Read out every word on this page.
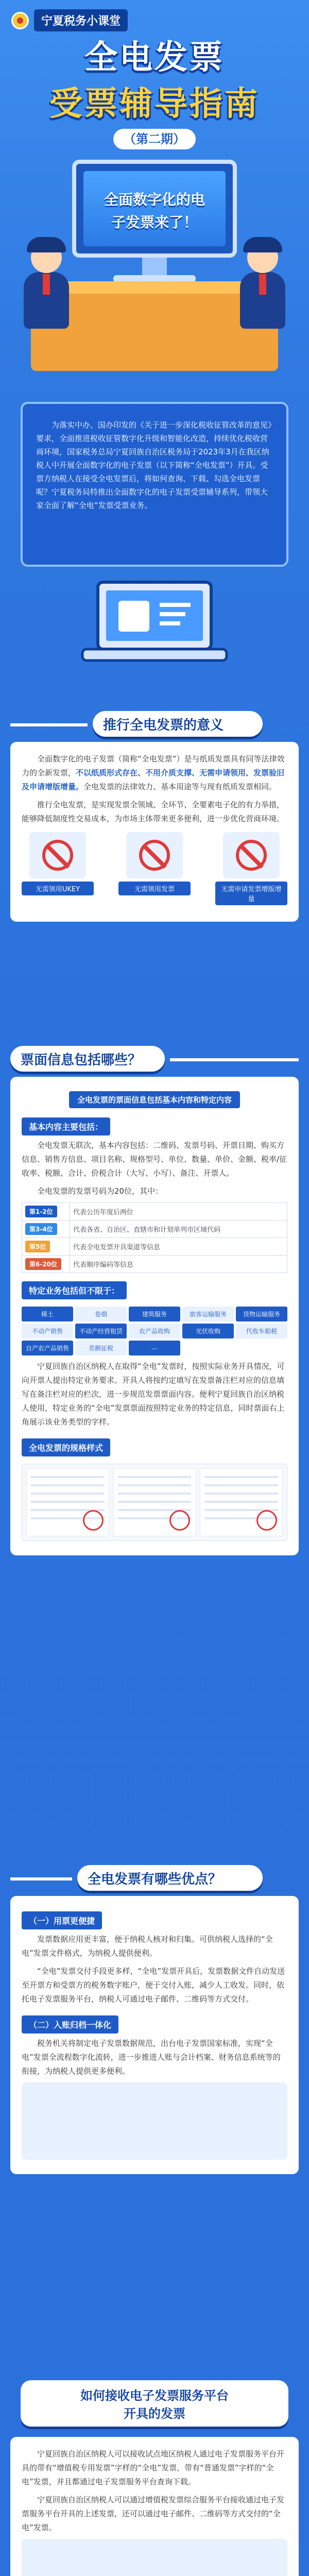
宁夏税务小课堂
全电发票
受票辅导指南
（第二期）
全面数字化的电
子发票来了！

为落实中办、国办印发的《关于进一步深化税收征管改革的意见》要求，全面推进税收征管数字化升级和智能化改造，持续优化税收营商环境，国家税务总局宁夏回族自治区税务局于2023年3月在我区纳税人中开展全面数字化的电子发票（以下简称“全电发票”）开具。受票方纳税人在接受全电发票后，将如何查询、下载、勾选全电发票呢？宁夏税务局特推出全面数字化的电子发票受票辅导系列，带领大家全面了解“全电”发票受票业务。

推行全电发票的意义

全面数字化的电子发票（简称“全电发票”）是与纸质发票具有同等法律效力的全新发票，不以纸质形式存在、不用介质支撑、无需申请领用、发票验旧及申请增版增量。全电发票的法律效力、基本用途等与现有纸质发票相同。

推行全电发票，是实现发票全领域、全环节、全要素电子化的有力举措，能够降低制度性交易成本，为市场主体带来更多便利，进一步优化营商环境。

无需领用UKEY	无需领用发票	无需申请发票增版增量
票面信息包括哪些？
全电发票的票面信息包括基本内容和特定内容
基本内容主要包括：

全电发票无联次，基本内容包括：二维码、发票号码、开票日期、购买方信息、销售方信息、项目名称、规格型号、单位、数量、单价、金额、税率/征收率、税额、合计、价税合计（大写、小写）、备注、开票人。

全电发票的发票号码为20位，其中：

第1-2位	代表公历年度后两位
第3-4位	代表各省、自治区、直辖市和计划单列市区域代码
第5位	代表全电发票开具渠道等信息
第6-20位	代表顺序编码等信息
特定业务包括但不限于：
稀土	卷烟	建筑服务	旅客运输服务	货物运输服务
不动产销售	不动产经营租赁	农产品收购	光伏收购	代收车船税
自产农产品销售	差额征税	...

宁夏回族自治区纳税人在取得“全电”发票时，按照实际业务开具情况，可向开票人提出特定业务要求。开具人将按约定填写在发票备注栏对应的信息填写在备注栏对应的栏次，进一步规范发票票面内容。便利宁夏回族自治区纳税人使用，特定业务的“全电”发票票面按照特定业务的特定信息，同时票面右上角展示该业务类型的字样。

全电发票的规格样式
全电发票有哪些优点？
（一）用票更便捷

发票数据应用更丰富，便于纳税人核对和归集。可供纳税人选择的“全电”发票文件格式，为纳税人提供便利。

“全电”发票交付手段更多样，“全电”发票开具后，发票数据文件自动发送至开票方和受票方的税务数字账户，便于交付入账，减少人工收发。同时，依托电子发票服务平台，纳税人可通过电子邮件、二维码等方式交付。

（二）入账归档一体化

税务机关将制定电子发票数据规范，出台电子发票国家标准，实现“全电”发票全流程数字化流转，进一步推进人账与会计档案、财务信息系统等的衔接，为纳税人提供更多便利。

如何接收电子发票服务平台
开具的发票

宁夏回族自治区纳税人可以接收试点地区纳税人通过电子发票服务平台开具的带有“增值税专用发票”字样的“全电”发票，带有“普通发票”字样的“全电”发票，并且都通过电子发票服务平台查询下载。

宁夏回族自治区纳税人可以通过增值税发票综合服务平台接收通过电子发票服务平台开具的上述发票，还可以通过电子邮件、二维码等方式交付的“全电”发票。
